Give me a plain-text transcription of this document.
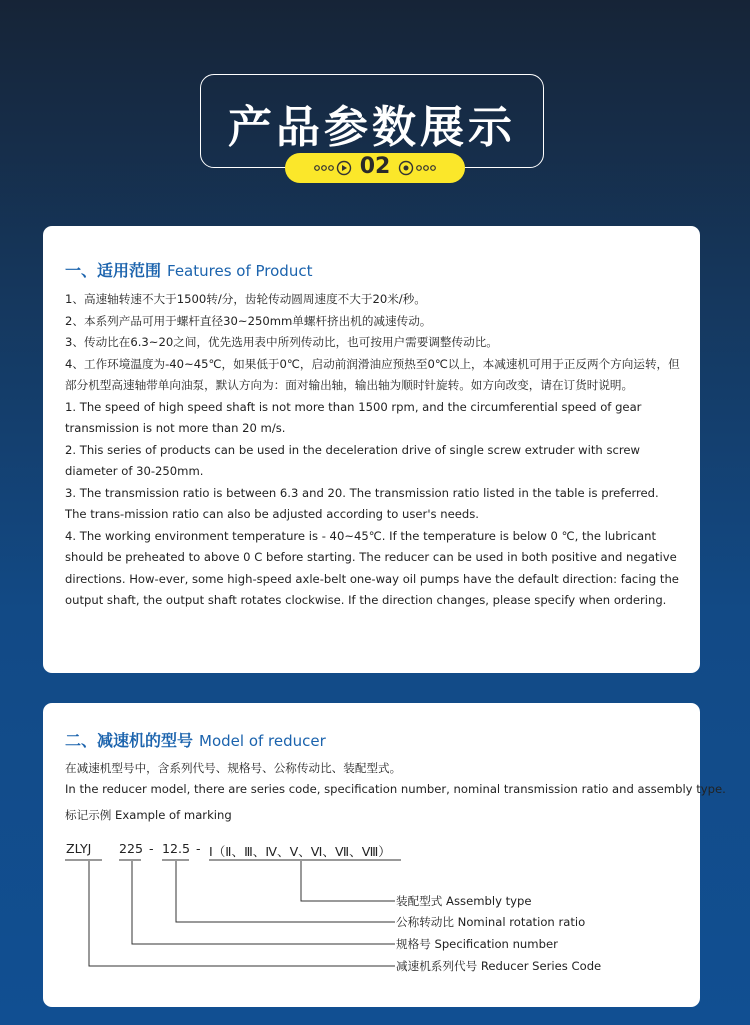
产品参数展示
02
一、适用范围 Features of Product

1、高速轴转速不大于1500转/分，齿轮传动圆周速度不大于20米/秒。

2、本系列产品可用于螺杆直径30~250mm单螺杆挤出机的减速传动。

3、传动比在6.3~20之间，优先选用表中所列传动比，也可按用户需要调整传动比。

4、工作环境温度为-40~45℃，如果低于0℃，启动前润滑油应预热至0℃以上，本减速机可用于正反两个方向运转，但部分机型高速轴带单向油泵，默认方向为：面对输出轴，输出轴为顺时针旋转。如方向改变，请在订货时说明。

1. The speed of high speed shaft is not more than 1500 rpm, and the circumferential speed of gear transmission is not more than 20 m/s.

2. This series of products can be used in the deceleration drive of single screw extruder with screw diameter of 30-250mm.

3. The transmission ratio is between 6.3 and 20. The transmission ratio listed in the table is preferred. The trans-mission ratio can also be adjusted according to user's needs.

4. The working environment temperature is - 40~45℃. If the temperature is below 0 ℃, the lubricant should be preheated to above 0 C before starting. The reducer can be used in both positive and negative directions. How-ever, some high-speed axle-belt one-way oil pumps have the default direction: facing the output shaft, the output shaft rotates clockwise. If the direction changes, please specify when ordering.

二、减速机的型号 Model of reducer
在减速机型号中，含系列代号、规格号、公称传动比、装配型式。
In the reducer model, there are series code, specification number, nominal transmission ratio and assembly type.
标记示例 Example of marking
ZLYJ 225 - 12.5 - Ⅰ（Ⅱ、Ⅲ、Ⅳ、Ⅴ、Ⅵ、Ⅶ、Ⅷ）
装配型式 Assembly type
公称转动比 Nominal rotation ratio
规格号 Specification number
减速机系列代号 Reducer Series Code
